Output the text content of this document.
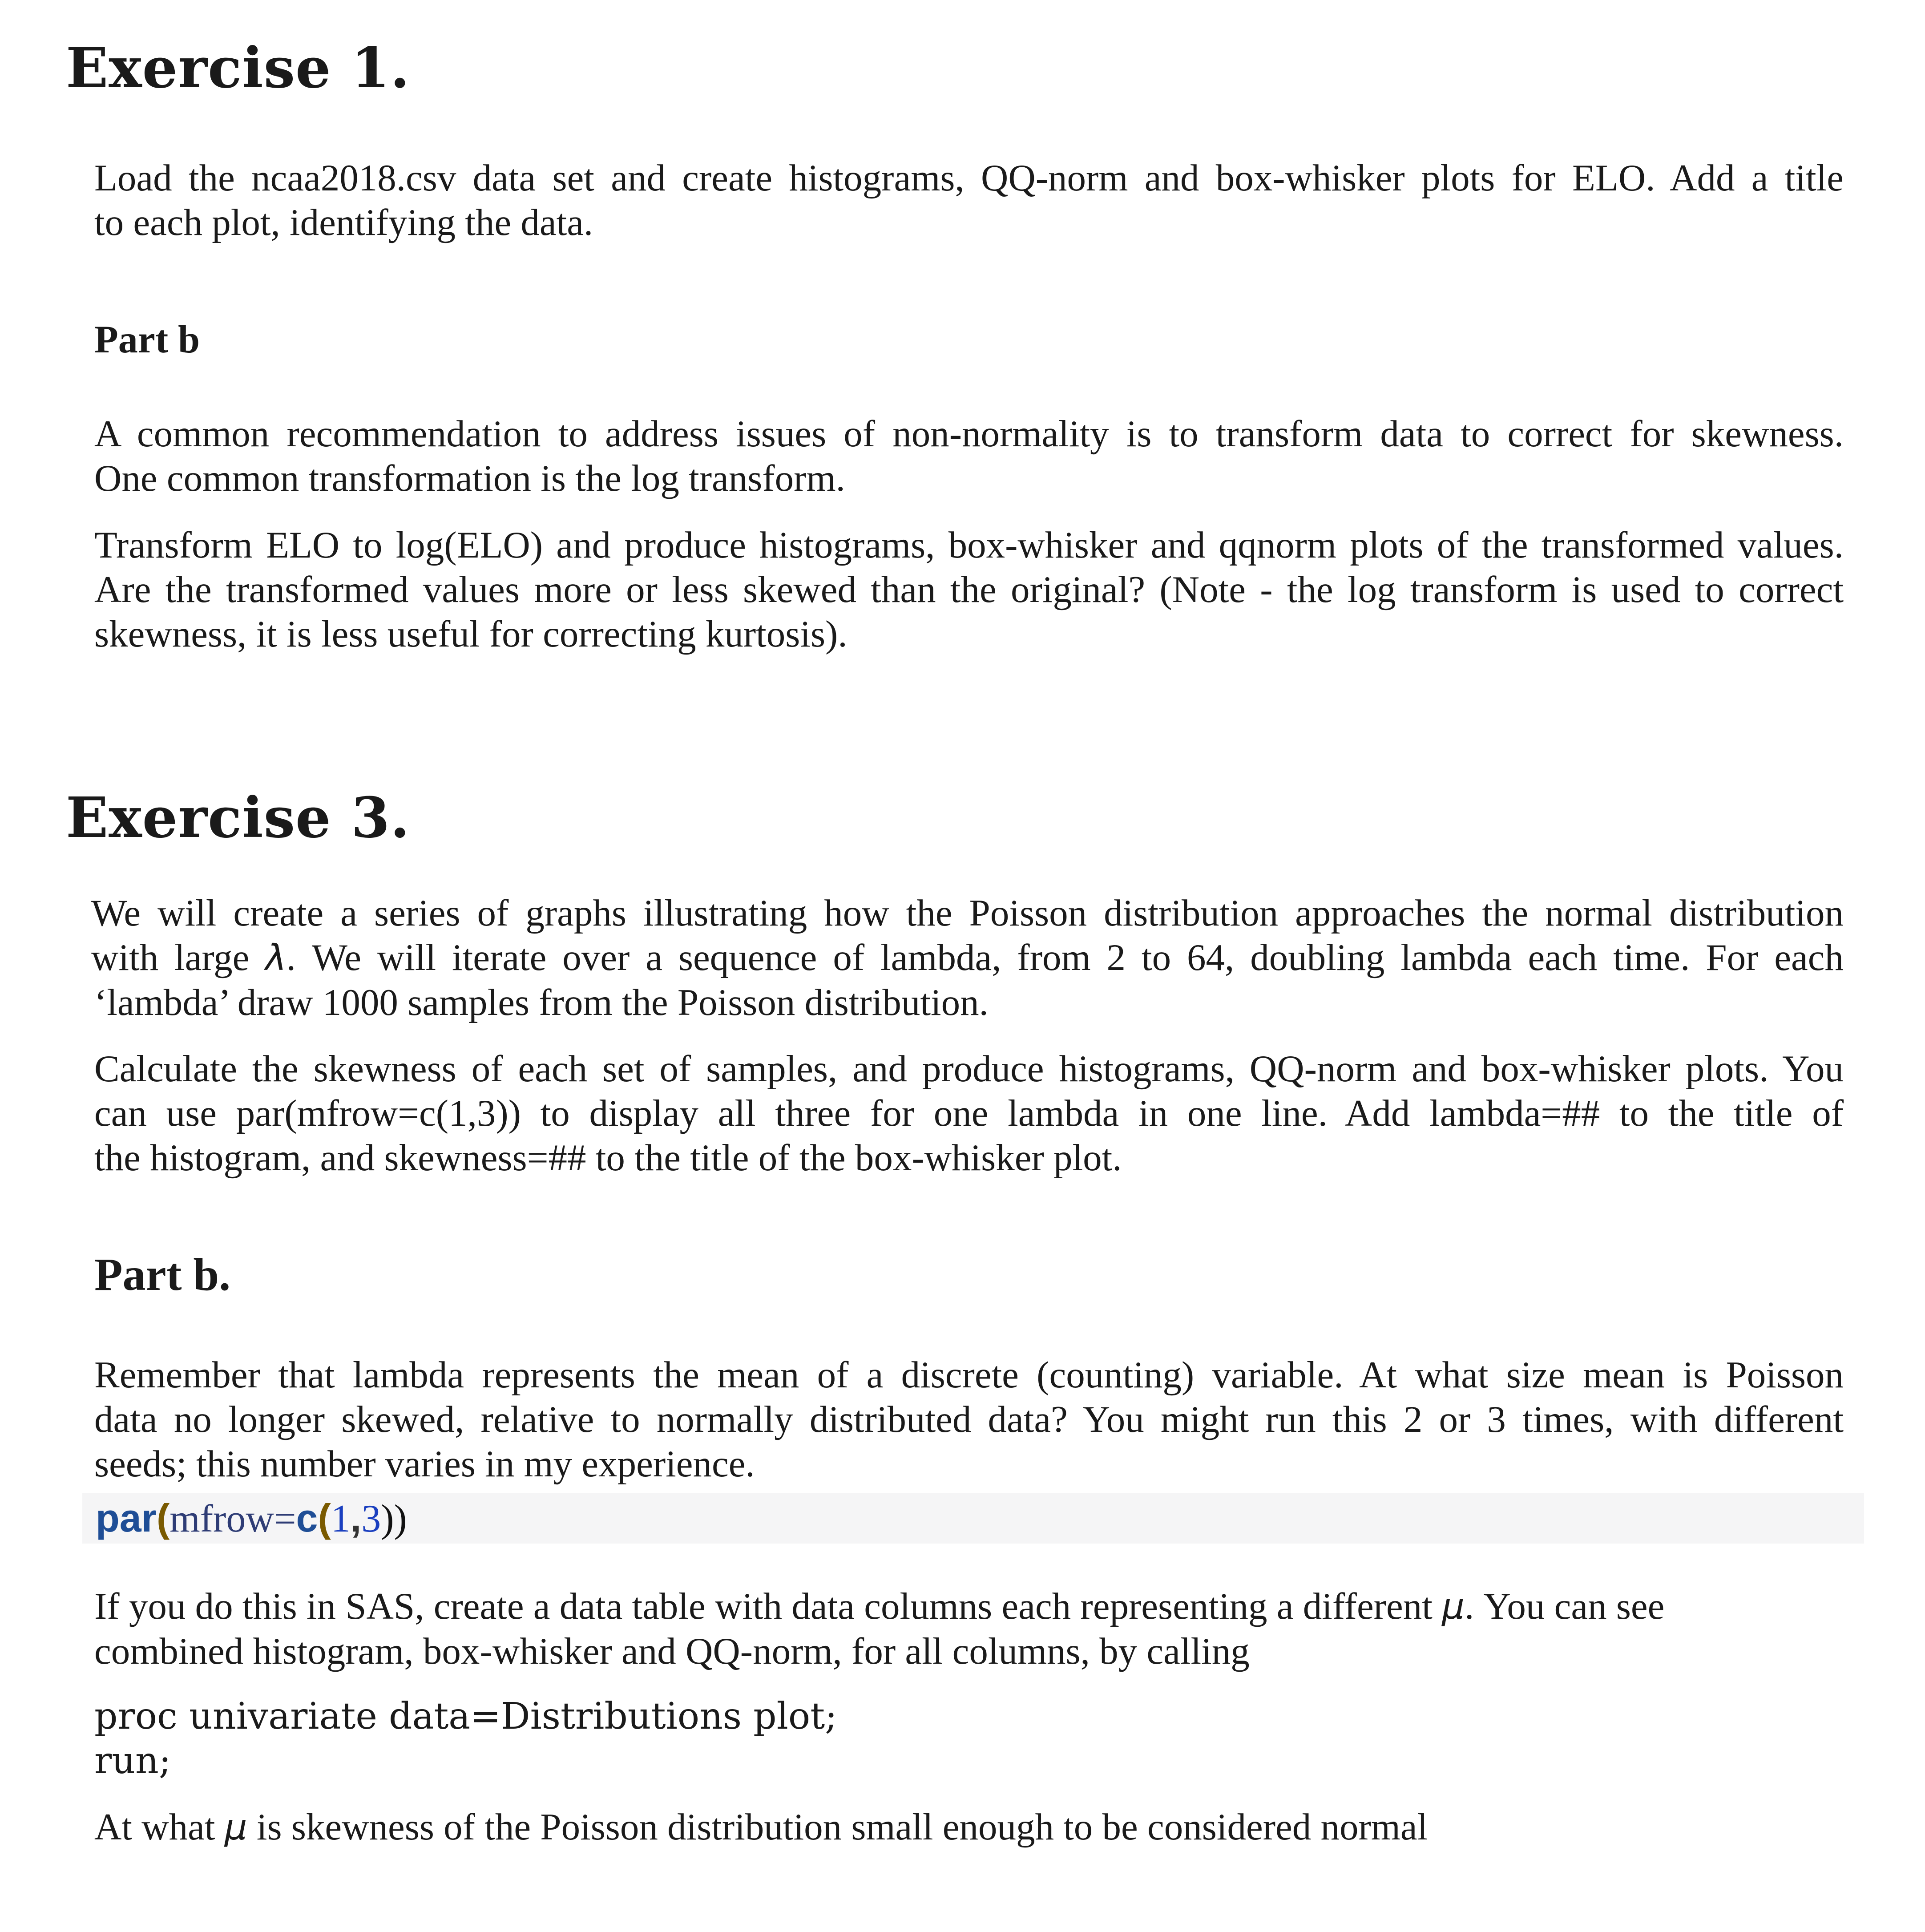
Exercise 1.
Load the ncaa2018.csv data set and create histograms, QQ-norm and box-whisker plots for ELO. Add a title
to each plot, identifying the data.
Part b
A common recommendation to address issues of non-normality is to transform data to correct for skewness.
One common transformation is the log transform.
Transform ELO to log(ELO) and produce histograms, box-whisker and qqnorm plots of the transformed values.
Are the transformed values more or less skewed than the original? (Note - the log transform is used to correct
skewness, it is less useful for correcting kurtosis).
Exercise 3.
We will create a series of graphs illustrating how the Poisson distribution approaches the normal distribution
with large λ. We will iterate over a sequence of lambda, from 2 to 64, doubling lambda each time. For each
‘lambda’ draw 1000 samples from the Poisson distribution.
Calculate the skewness of each set of samples, and produce histograms, QQ-norm and box-whisker plots. You
can use par(mfrow=c(1,3)) to display all three for one lambda in one line. Add lambda=## to the title of
the histogram, and skewness=## to the title of the box-whisker plot.
Part b.
Remember that lambda represents the mean of a discrete (counting) variable. At what size mean is Poisson
data no longer skewed, relative to normally distributed data? You might run this 2 or 3 times, with different
seeds; this number varies in my experience.
par(mfrow=c(1,3))
If you do this in SAS, create a data table with data columns each representing a different μ. You can see
combined histogram, box-whisker and QQ-norm, for all columns, by calling
proc univariate data=Distributions plot;
run;
At what μ is skewness of the Poisson distribution small enough to be considered normal
